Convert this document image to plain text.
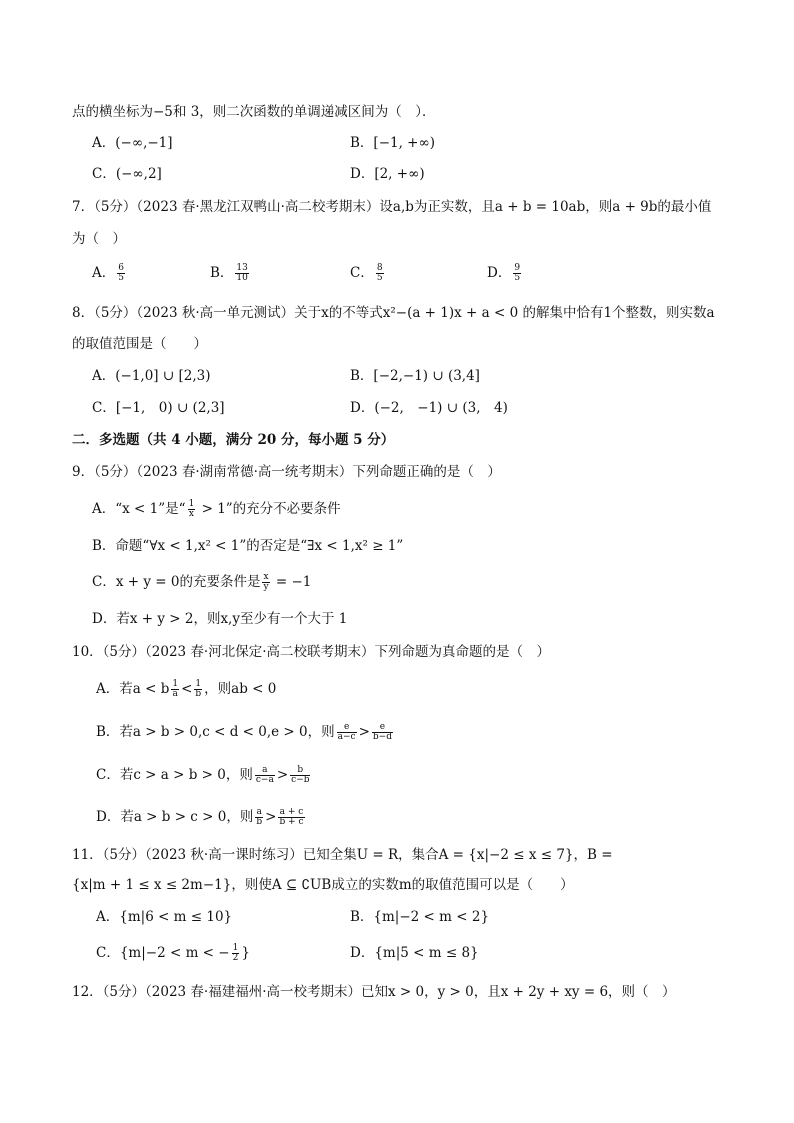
点的横坐标为−5和 3，则二次函数的单调递减区间为（　）．
A．(−∞,−1]	B．[−1, +∞)
C．(−∞,2]	D．[2, +∞)
7．（5分）（2023 春·黑龙江双鸭山·高二校考期末）设a,b为正实数，且a + b = 10ab，则a + 9b的最小值
为（　）
A． $\frac{6}{5}$	B． $\frac{13}{10}$	C． $\frac{8}{5}$	D． $\frac{9}{5}$
8．（5分）（2023 秋·高一单元测试）关于x的不等式x²−(a + 1)x + a < 0 的解集中恰有1个整数，则实数a
的取值范围是（　　）
A．(−1,0] ∪ [2,3)	B．[−2,−1) ∪ (3,4]
C．[−1,　0) ∪ (2,3]	D．(−2,　−1) ∪ (3,　4)
二．多选题（共 4 小题，满分 20 分，每小题 5 分）
9．（5分）（2023 春·湖南常德·高一统考期末）下列命题正确的是（　）
A．“x < 1”是“ $\frac{1}{x} > 1$”的充分不必要条件
B．命题“∀x < 1,x² < 1”的否定是“∃x < 1,x² ≥ 1”
C．x + y = 0的充要条件是 $\frac{x}{y} = -1$
D．若x + y > 2，则x,y至少有一个大于 1
10．（5分）（2023 春·河北保定·高二校联考期末）下列命题为真命题的是（　）
A．若a < b $\frac{1}{a} < \frac{1}{b}$ ，则ab < 0
B．若a > b > 0,c < d < 0,e > 0，则 $\frac{e}{a-c} > \frac{e}{b-d}$
C．若c > a > b > 0，则 $\frac{a}{c-a} > \frac{b}{c-b}$
D．若a > b > c > 0，则 $\frac{a}{b} > \frac{a + c}{b + c}$
11．（5分）（2023 秋·高一课时练习）已知全集U = R，集合A = {x|−2 ≤ x ≤ 7}，B =
{x|m + 1 ≤ x ≤ 2m−1}，则使A ⊆ ∁UB成立的实数m的取值范围可以是（　　）
A．{m|6 < m ≤ 10}	B．{m|−2 < m < 2}
C．{m|−2 < m < − $\frac{1}{2}$ }	D．{m|5 < m ≤ 8}
12．（5分）（2023 春·福建福州·高一校考期末）已知x > 0，y > 0，且x + 2y + xy = 6，则（　）
